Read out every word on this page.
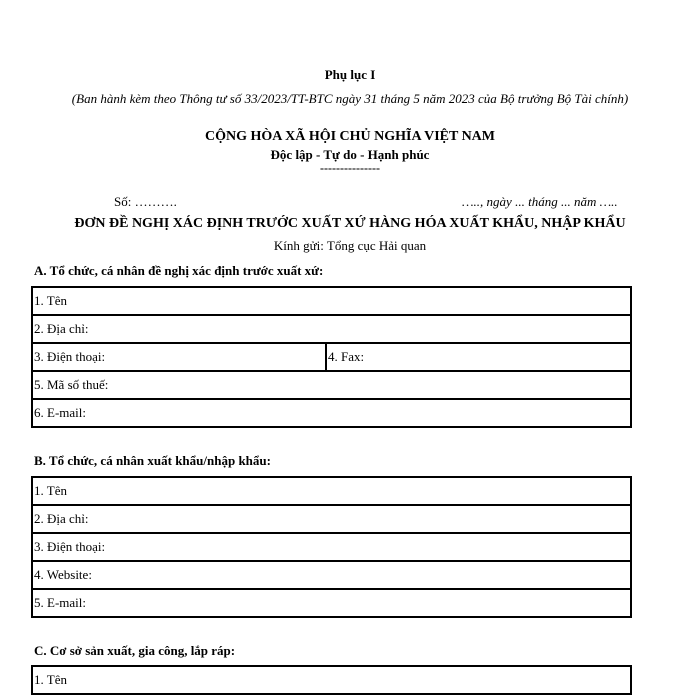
Phụ lục I
(Ban hành kèm theo Thông tư số 33/2023/TT-BTC ngày 31 tháng 5 năm 2023 của Bộ trưởng Bộ Tài chính)
CỘNG HÒA XÃ HỘI CHỦ NGHĨA VIỆT NAM
Độc lập - Tự do - Hạnh phúc
---------------
Số: ……….	….., ngày ... tháng ... năm …..
ĐƠN ĐỀ NGHỊ XÁC ĐỊNH TRƯỚC XUẤT XỨ HÀNG HÓA XUẤT KHẨU, NHẬP KHẨU
Kính gửi: Tổng cục Hải quan
A. Tổ chức, cá nhân đề nghị xác định trước xuất xứ:
1. Tên
2. Địa chỉ:
3. Điện thoại:	4. Fax:
5. Mã số thuế:
6. E-mail:
B. Tổ chức, cá nhân xuất khẩu/nhập khẩu:
1. Tên
2. Địa chỉ:
3. Điện thoại:
4. Website:
5. E-mail:
C. Cơ sở sản xuất, gia công, lắp ráp:
1. Tên
